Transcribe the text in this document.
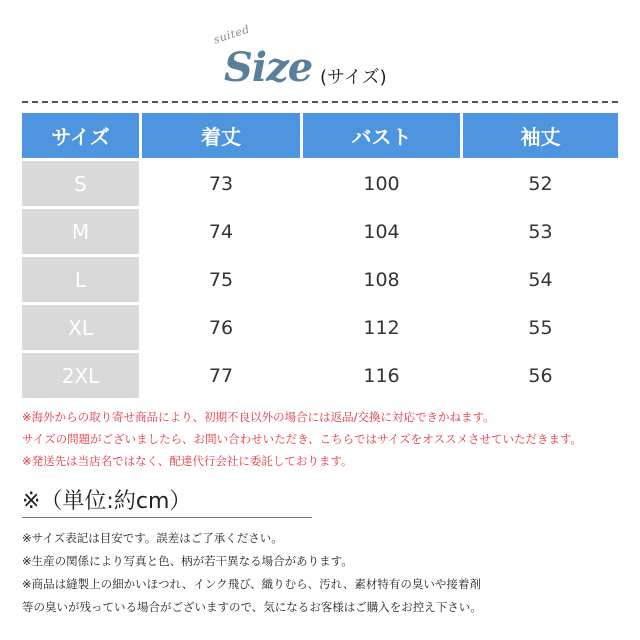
suited
Size (サイズ)
サイズ	着丈	バスト	袖丈
S	73	100	52
M	74	104	53
L	75	108	54
XL	76	112	55
2XL	77	116	56
※海外からの取り寄せ商品により、初期不良以外の場合には返品/交換に対応できかねます。
サイズの問題がございましたら、お問い合わせいただき、こちらではサイズをオススメさせていただきます。
※発送先は当店名ではなく、配達代行会社に委託しております。
※（単位:約cm）
※サイズ表記は目安です。誤差はご了承ください。
※生産の関係により写真と色、柄が若干異なる場合があります。
※商品は縫製上の細かいほつれ、インク飛び、織りむら、汚れ、素材特有の臭いや接着剤
等の臭いが残っている場合がございますので、気になるお客様はご購入をお控え下さい。
